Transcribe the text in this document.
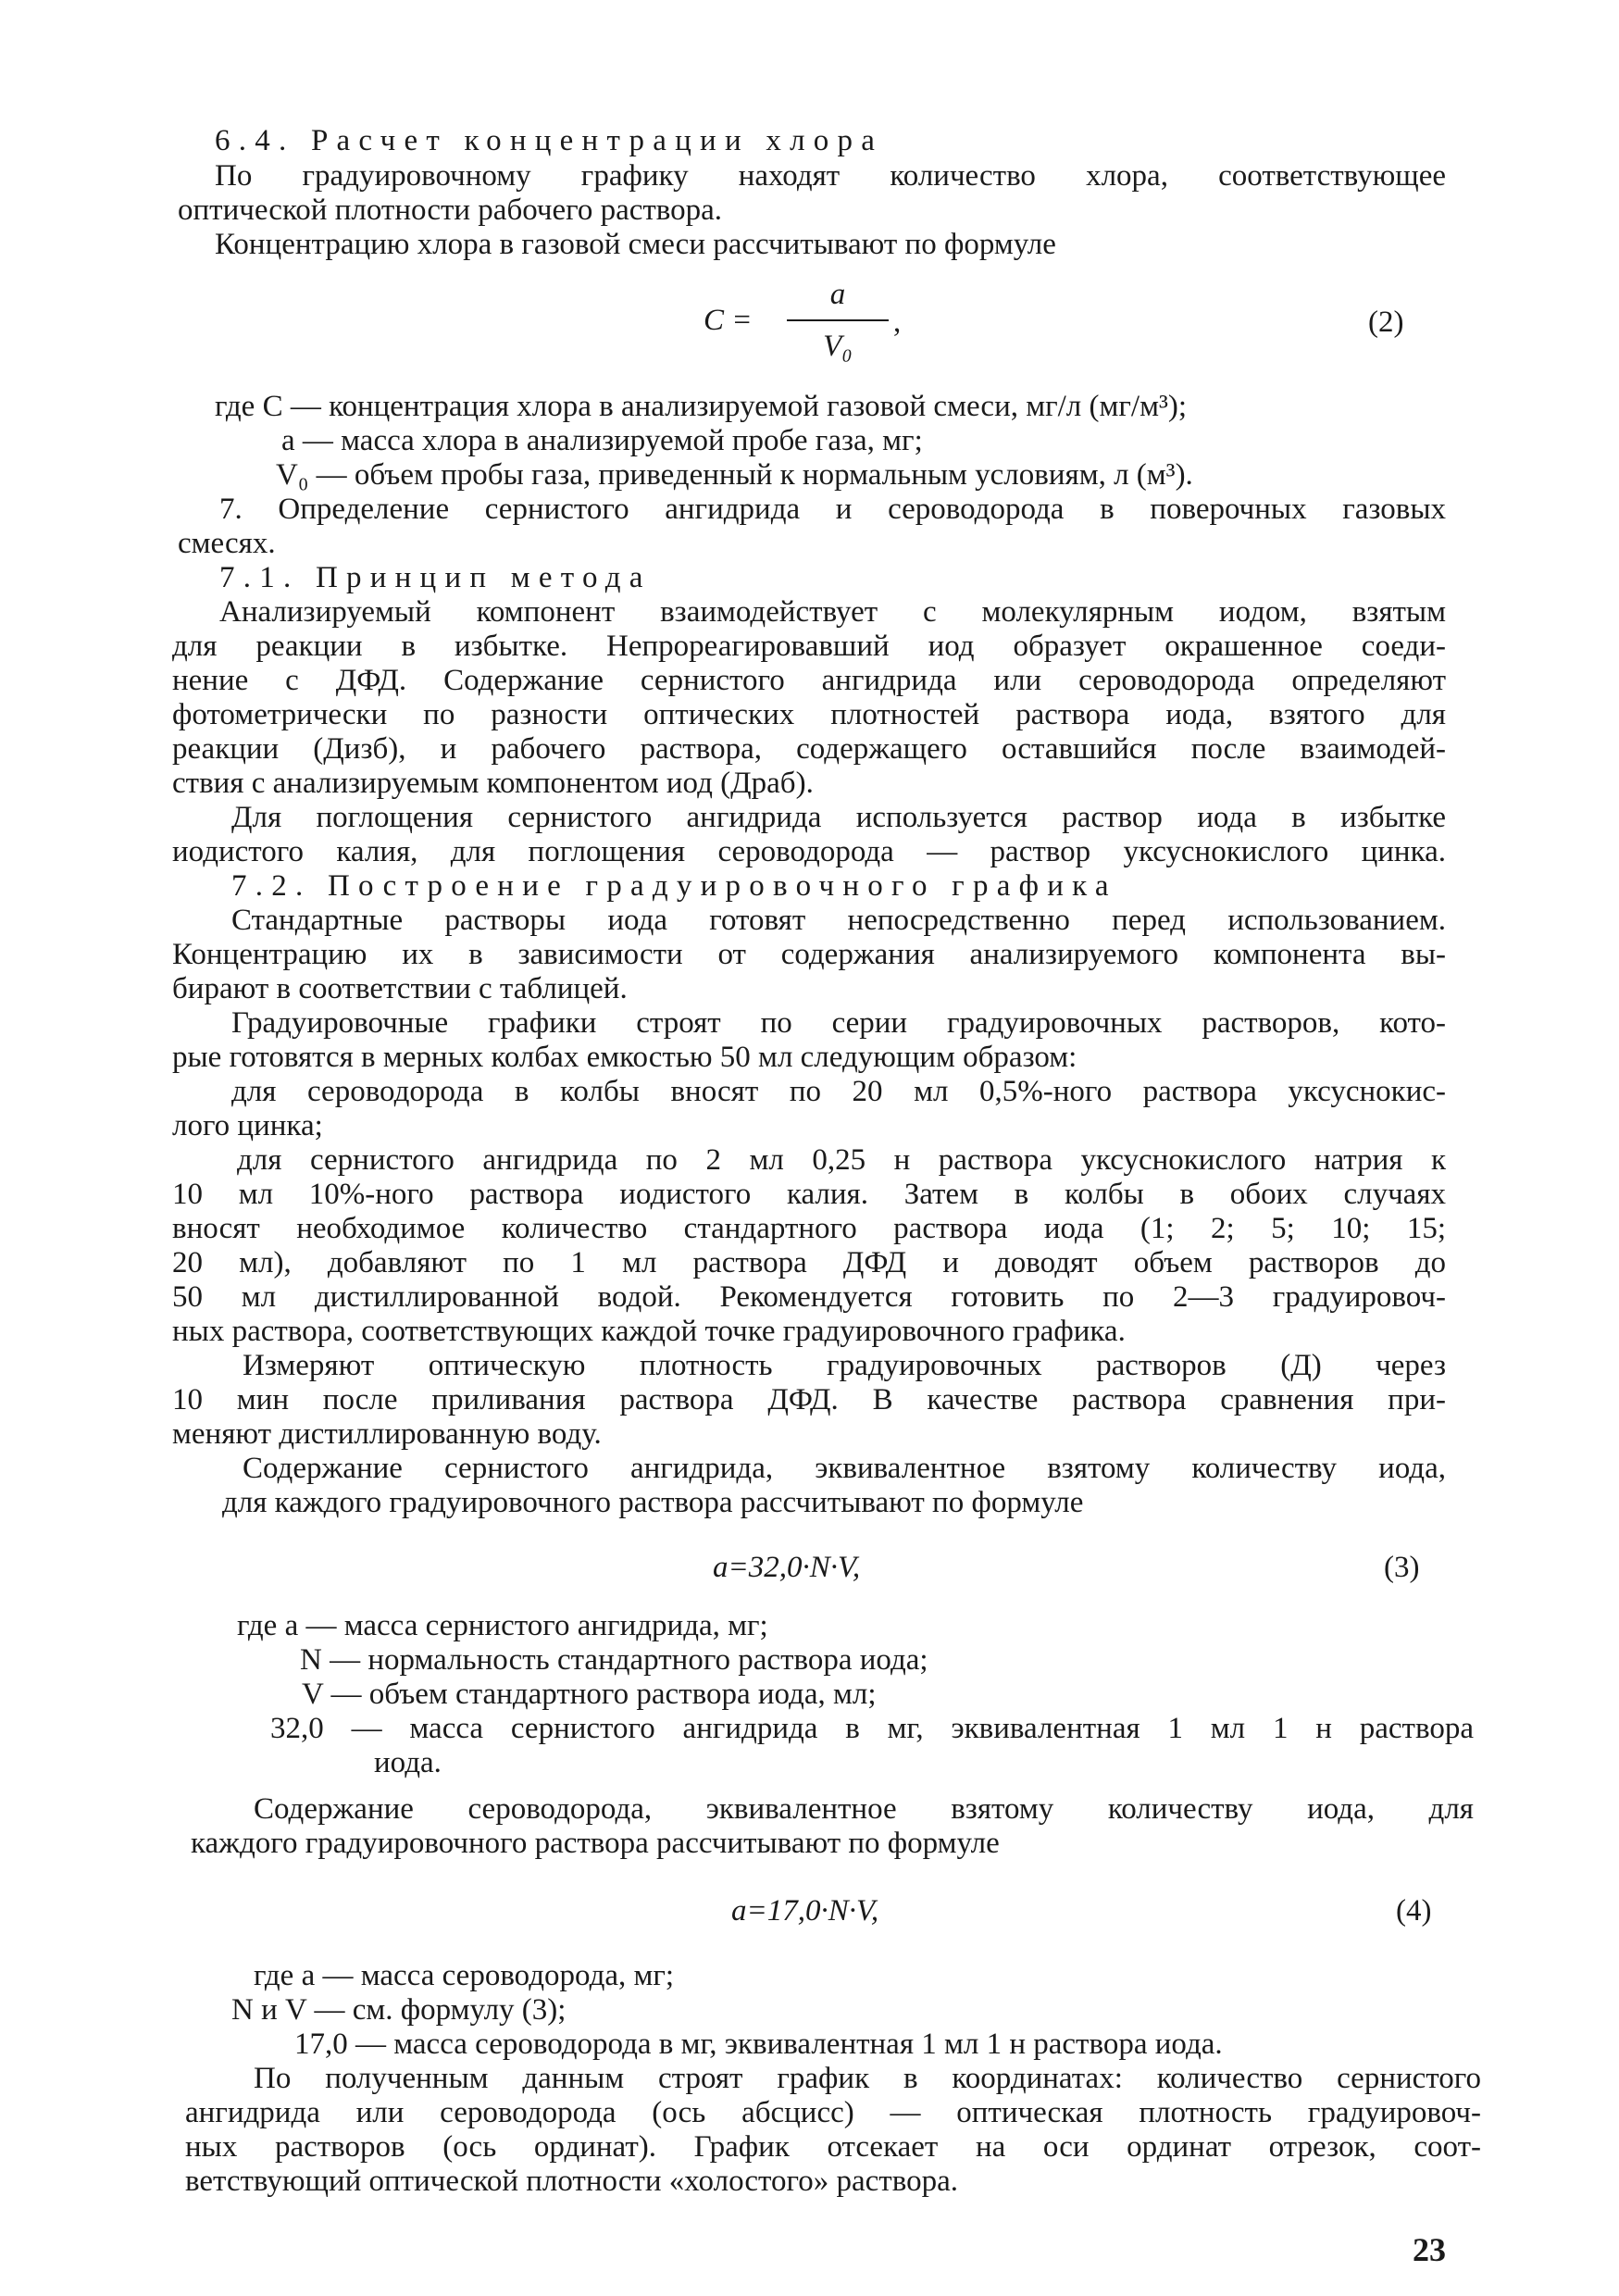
6.4. Расчет концентрации хлора
По градуировочному графику находят количество хлора, соответствующее
оптической плотности рабочего раствора.
Концентрацию хлора в газовой смеси рассчитывают по формуле
C =
a
V₀
,	(2)
где С — концентрация хлора в анализируемой газовой смеси, мг/л (мг/м³);
а — масса хлора в анализируемой пробе газа, мг;
V₀ — объем пробы газа, приведенный к нормальным условиям, л (м³).
7. Определение сернистого ангидрида и сероводорода в поверочных газовых
смесях.
7.1. Принцип метода
Анализируемый компонент взаимодействует с молекулярным иодом, взятым
для реакции в избытке. Непрореагировавший иод образует окрашенное соеди-
нение с ДФД. Содержание сернистого ангидрида или сероводорода определяют
фотометрически по разности оптических плотностей раствора иода, взятого для
реакции (Дизб), и рабочего раствора, содержащего оставшийся после взаимодей-
ствия с анализируемым компонентом иод (Дpаб).
Для поглощения сернистого ангидрида используется раствор иода в избытке
иодистого калия, для поглощения сероводорода — раствор уксуснокислого цинка.
7.2. Построение градуировочного графика
Стандартные растворы иода готовят непосредственно перед использованием.
Концентрацию их в зависимости от содержания анализируемого компонента вы-
бирают в соответствии с таблицей.
Градуировочные графики строят по серии градуировочных растворов, кото-
рые готовятся в мерных колбах емкостью 50 мл следующим образом:
для сероводорода в колбы вносят по 20 мл 0,5%-ного раствора уксуснокис-
лого цинка;
для сернистого ангидрида по 2 мл 0,25 н раствора уксуснокислого натрия к
10 мл 10%-ного раствора иодистого калия. Затем в колбы в обоих случаях
вносят необходимое количество стандартного раствора иода (1; 2; 5; 10; 15;
20 мл), добавляют по 1 мл раствора ДФД и доводят объем растворов до
50 мл дистиллированной водой. Рекомендуется готовить по 2—3 градуировоч-
ных раствора, соответствующих каждой точке градуировочного графика.
Измеряют оптическую плотность градуировочных растворов (Д) через
10 мин после приливания раствора ДФД. В качестве раствора сравнения при-
меняют дистиллированную воду.
Содержание сернистого ангидрида, эквивалентное взятому количеству иода,
для каждого градуировочного раствора рассчитывают по формуле
a=32,0·N·V,	(3)
где а — масса сернистого ангидрида, мг;
N — нормальность стандартного раствора иода;
V — объем стандартного раствора иода, мл;
32,0 — масса сернистого ангидрида в мг, эквивалентная 1 мл 1 н раствора
иода.
Содержание сероводорода, эквивалентное взятому количеству иода, для
каждого градуировочного раствора рассчитывают по формуле
a=17,0·N·V,	(4)
где а — масса сероводорода, мг;
N и V — см. формулу (3);
17,0 — масса сероводорода в мг, эквивалентная 1 мл 1 н раствора иода.
По полученным данным строят график в координатах: количество сернистого
ангидрида или сероводорода (ось абсцисс) — оптическая плотность градуировоч-
ных растворов (ось ординат). График отсекает на оси ординат отрезок, соот-
ветствующий оптической плотности «холостого» раствора.
23
